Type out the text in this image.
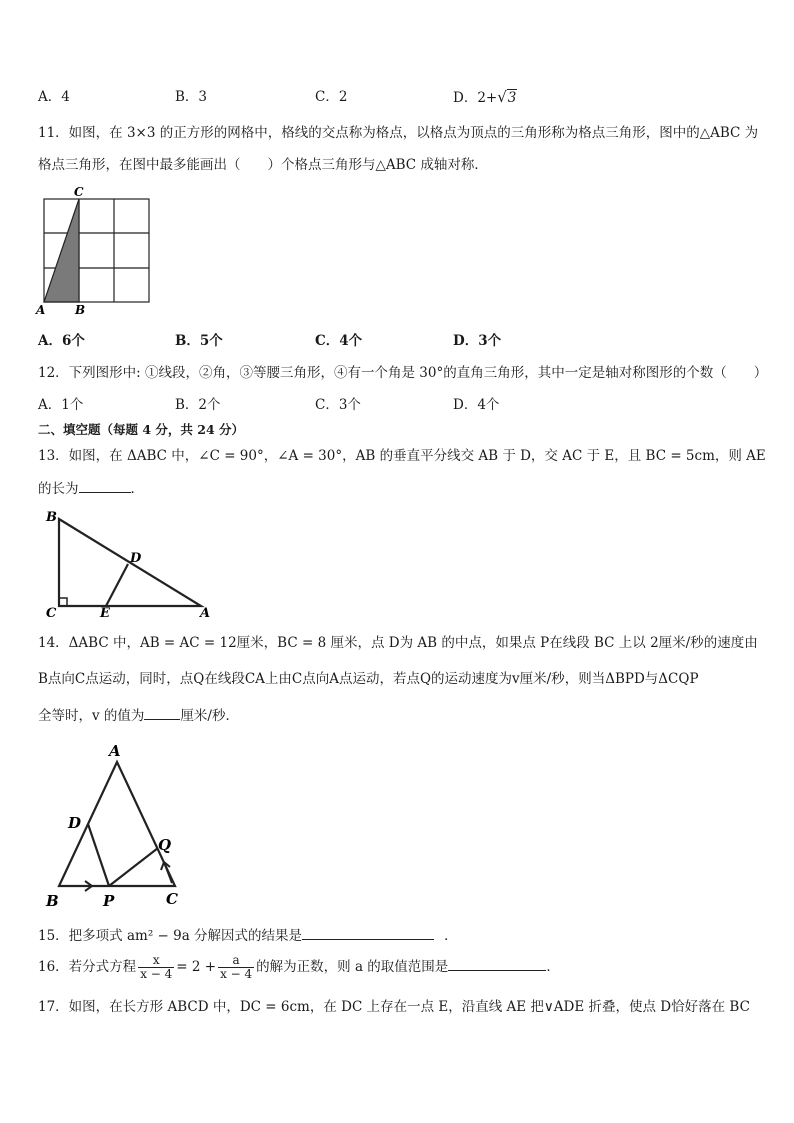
A．4	B．3	C．2	D．2+√3
11．如图，在 3×3 的正方形的网格中，格线的交点称为格点，以格点为顶点的三角形称为格点三角形，图中的△ABC 为
格点三角形，在图中最多能画出（　　）个格点三角形与△ABC 成轴对称．
C
A B
A．6个	B．5个	C．4个	D．3个
12．下列图形中: ①线段，②角，③等腰三角形，④有一个角是 30°的直角三角形，其中一定是轴对称图形的个数（　　）
A．1个	B．2个	C．3个	D．4个
二、填空题（每题 4 分，共 24 分）
13．如图，在 ΔABC 中，∠C = 90°，∠A = 30°，AB 的垂直平分线交 AB 于 D，交 AC 于 E，且 BC = 5cm，则 AE
的长为	．
B
C
D
E	A
14．ΔABC 中，AB = AC = 12厘米，BC = 8 厘米，点 D为 AB 的中点，如果点 P在线段 BC 上以 2厘米/秒的速度由
B点向C点运动，同时，点Q在线段CA上由C点向A点运动，若点Q的运动速度为v厘米/秒，则当ΔBPD与ΔCQP
全等时，v 的值为	厘米/秒．
A
D
Q
B	P	C
15．把多项式 am² − 9a 分解因式的结果是	．
16．若分式方程 $\frac{x}{x - 4} = 2 + \frac{a}{x - 4}$ 的解为正数，则 a 的取值范围是	．
17．如图，在长方形 ABCD 中，DC = 6cm，在 DC 上存在一点 E，沿直线 AE 把∨ADE 折叠，使点 D恰好落在 BC
